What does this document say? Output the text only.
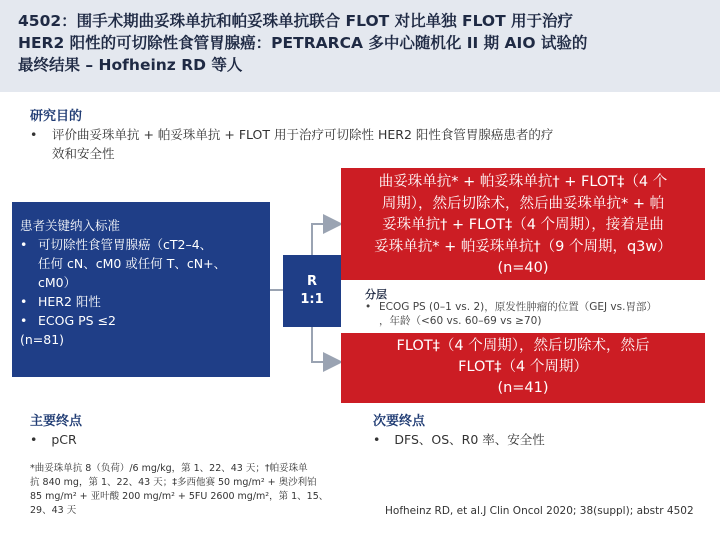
4502：围手术期曲妥珠单抗和帕妥珠单抗联合 FLOT 对比单独 FLOT 用于治疗
HER2 阳性的可切除性食管胃腺癌：PETRARCA 多中心随机化 II 期 AIO 试验的
最终结果 – Hofheinz RD 等人
研究目的
• 评价曲妥珠单抗 + 帕妥珠单抗 + FLOT 用于治疗可切除性 HER2 阳性食管胃腺癌患者的疗
效和安全性
患者关键纳入标准
• 可切除性食管胃腺癌（cT2–4、
任何 cN、cM0 或任何 T、cN+、
cM0）
• HER2 阳性
• ECOG PS ≤2
(n=81)
R
1:1
曲妥珠单抗* + 帕妥珠单抗† + FLOT‡（4 个
周期），然后切除术，然后曲妥珠单抗* + 帕
妥珠单抗† + FLOT‡（4 个周期），接着是曲
妥珠单抗* + 帕妥珠单抗†（9 个周期，q3w）
(n=40)
分层
• ECOG PS (0–1 vs. 2)，原发性肿瘤的位置（GEJ vs.胃部）
，年龄（<60 vs. 60–69 vs ≥70)
FLOT‡（4 个周期），然后切除术，然后
FLOT‡（4 个周期）
(n=41)
主要终点
• pCR
次要终点
• DFS、OS、R0 率、安全性
*曲妥珠单抗 8（负荷）/6 mg/kg，第 1、22、43 天；†帕妥珠单
抗 840 mg，第 1、22、43 天；‡多西他赛 50 mg/m² + 奥沙利铂
85 mg/m² + 亚叶酸 200 mg/m² + 5FU 2600 mg/m²，第 1、15、
29、43 天	Hofheinz RD, et al.J Clin Oncol 2020; 38(suppl); abstr 4502
